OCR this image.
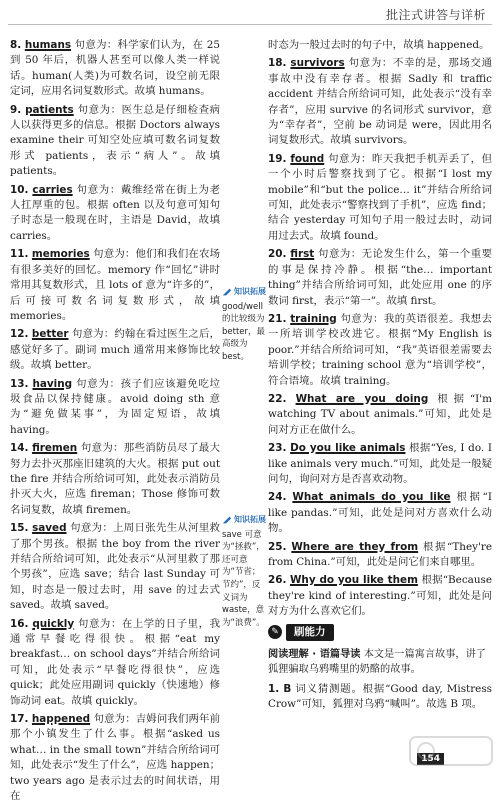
批注式讲答与详析
8. humans 句意为：科学家们认为，在 25 到 50 年后，机器人甚至可以像人类一样说话。human(人类)为可数名词，设空前无限定词，应用名词复数形式。故填 humans。
9. patients 句意为：医生总是仔细检查病人以获得更多的信息。根据 Doctors always examine their 可知空处应填可数名词复数形式 patients，表示“病人”。故填 patients。
10. carries 句意为：戴维经常在街上为老人扛厚重的包。根据 often 以及句意可知句子时态是一般现在时，主语是 David，故填 carries。
11. memories 句意为：他们和我们在农场有很多美好的回忆。memory 作“回忆”讲时常用其复数形式，且 lots of 意为“许多的”，后可接可数名词复数形式，故填 memories。
12. better 句意为：约翰在看过医生之后，感觉好多了。副词 much 通常用来修饰比较级。故填 better。
13. having 句意为：孩子们应该避免吃垃圾食品以保持健康。avoid doing sth 意为“避免做某事”，为固定短语，故填 having。
14. firemen 句意为：那些消防员尽了最大努力去扑灭那座旧建筑的大火。根据 put out the fire 并结合所给词可知，此处表示消防员扑灭大火，应选 fireman；Those 修饰可数名词复数，故填 firemen。
15. saved 句意为：上周日张先生从河里救了那个男孩。根据 the boy from the river 并结合所给词可知，此处表示“从河里救了那个男孩”，应选 save；结合 last Sunday 可知，时态是一般过去时，用 save 的过去式 saved。故填 saved。
16. quickly 句意为：在上学的日子里，我通常早餐吃得很快。根据“eat my breakfast… on school days”并结合所给词可知，此处表示“早餐吃得很快”，应选 quick；此处应用副词 quickly（快速地）修饰动词 eat。故填 quickly。
17. happened 句意为：吉姆问我们两年前那个小镇发生了什么事。根据“asked us what… in the small town”并结合所给词可知，此处表示“发生了什么”，应选 happen；two years ago 是表示过去的时间状语，用在
知识拓展
good/well 的比较级为 better，最高级为 best。
知识拓展
save 可意为“拯救”，还可意为“节省；节约”，反义词为 waste，意为“浪费”。
时态为一般过去时的句子中，故填 happened。
18. survivors 句意为：不幸的是，那场交通事故中没有幸存者。根据 Sadly 和 traffic accident 并结合所给词可知，此处表示“没有幸存者”，应用 survive 的名词形式 survivor，意为“幸存者”，空前 be 动词是 were，因此用名词复数形式。故填 survivors。
19. found 句意为：昨天我把手机弄丢了，但一个小时后警察找到了它。根据“I lost my mobile”和“but the police… it”并结合所给词可知，此处表示“警察找到了手机”，应选 find；结合 yesterday 可知句子用一般过去时，动词用过去式。故填 found。
20. first 句意为：无论发生什么，第一个重要的事是保持冷静。根据“the… important thing”并结合所给词可知，此处应用 one 的序数词 first，表示“第一”。故填 first。
21. training 句意为：我的英语很差。我想去一所培训学校改进它。根据“My English is poor.”并结合所给词可知，“我”英语很差需要去培训学校；training school 意为“培训学校”，符合语境。故填 training。
22. What are you doing 根据“I'm watching TV about animals.”可知，此处是问对方正在做什么。
23. Do you like animals 根据“Yes, I do. I like animals very much.”可知，此处是一般疑问句，询问对方是否喜欢动物。
24. What animals do you like 根据“I like pandas.”可知，此处是问对方喜欢什么动物。
25. Where are they from 根据“They're from China.”可知，此处是问它们来自哪里。
26. Why do you like them 根据“Because they're kind of interesting.”可知，此处是问对方为什么喜欢它们。
✎	刷能力
阅读理解 · 语篇导读 本文是一篇寓言故事，讲了狐狸骗取乌鸦嘴里的奶酪的故事。
1. B 词义猜测题。根据“Good day, Mistress Crow”可知，狐狸对乌鸦“喊叫”。故选 B 项。
154
